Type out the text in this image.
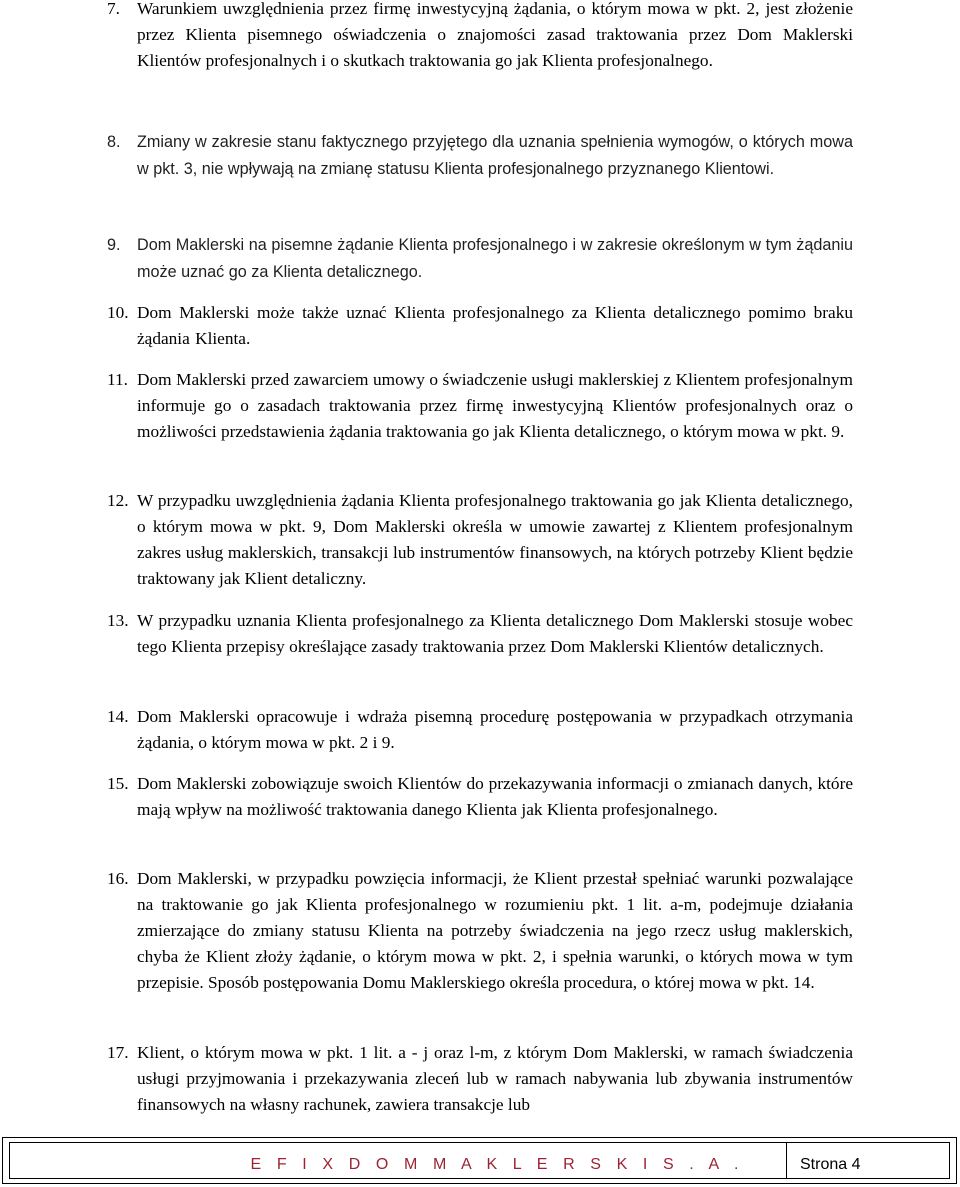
7. Warunkiem uwzględnienia przez firmę inwestycyjną żądania, o którym mowa w pkt. 2, jest złożenie przez Klienta pisemnego oświadczenia o znajomości zasad traktowania przez Dom Maklerski Klientów profesjonalnych i o skutkach traktowania go jak Klienta profesjonalnego.
8. Zmiany w zakresie stanu faktycznego przyjętego dla uznania spełnienia wymogów, o których mowa w pkt. 3, nie wpływają na zmianę statusu Klienta profesjonalnego przyznanego Klientowi.
9. Dom Maklerski na pisemne żądanie Klienta profesjonalnego i w zakresie określonym w tym żądaniu może uznać go za Klienta detalicznego.
10. Dom Maklerski może także uznać Klienta profesjonalnego za Klienta detalicznego pomimo braku żądania Klienta.
11. Dom Maklerski przed zawarciem umowy o świadczenie usługi maklerskiej z Klientem profesjonalnym informuje go o zasadach traktowania przez firmę inwestycyjną Klientów profesjonalnych oraz o możliwości przedstawienia żądania traktowania go jak Klienta detalicznego, o którym mowa w pkt. 9.
12. W przypadku uwzględnienia żądania Klienta profesjonalnego traktowania go jak Klienta detalicznego, o którym mowa w pkt. 9, Dom Maklerski określa w umowie zawartej z Klientem profesjonalnym zakres usług maklerskich, transakcji lub instrumentów finansowych, na których potrzeby Klient będzie traktowany jak Klient detaliczny.
13. W przypadku uznania Klienta profesjonalnego za Klienta detalicznego Dom Maklerski stosuje wobec tego Klienta przepisy określające zasady traktowania przez Dom Maklerski Klientów detalicznych.
14. Dom Maklerski opracowuje i wdraża pisemną procedurę postępowania w przypadkach otrzymania żądania, o którym mowa w pkt. 2 i 9.
15. Dom Maklerski zobowiązuje swoich Klientów do przekazywania informacji o zmianach danych, które mają wpływ na możliwość traktowania danego Klienta jak Klienta profesjonalnego.
16. Dom Maklerski, w przypadku powzięcia informacji, że Klient przestał spełniać warunki pozwalające na traktowanie go jak Klienta profesjonalnego w rozumieniu pkt. 1 lit. a-m, podejmuje działania zmierzające do zmiany statusu Klienta na potrzeby świadczenia na jego rzecz usług maklerskich, chyba że Klient złoży żądanie, o którym mowa w pkt. 2, i spełnia warunki, o których mowa w tym przepisie. Sposób postępowania Domu Maklerskiego określa procedura, o której mowa w pkt. 14.
17. Klient, o którym mowa w pkt. 1 lit. a - j oraz l-m, z którym Dom Maklerski, w ramach świadczenia usługi przyjmowania i przekazywania zleceń lub w ramach nabywania lub zbywania instrumentów finansowych na własny rachunek, zawiera transakcje lub
E F I X D O M M A K L E R S K I S . A .	Strona 4
